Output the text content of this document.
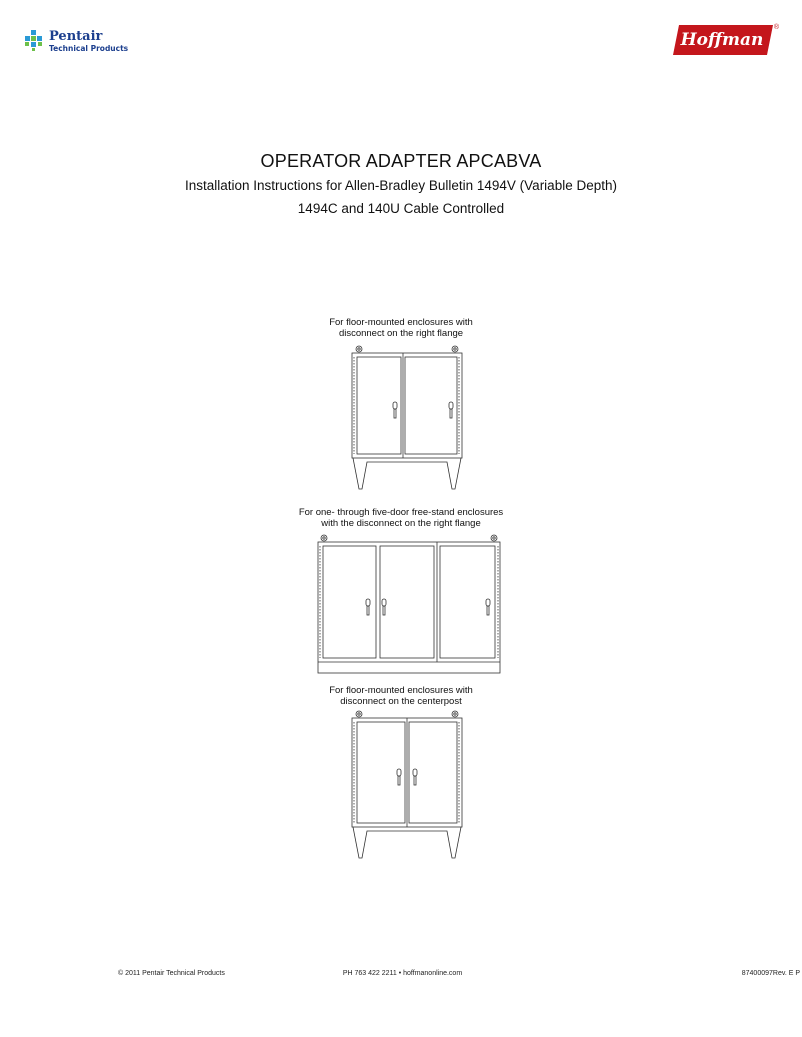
Pentair
Technical Products	Hoffman
®
OPERATOR ADAPTER APCABVA
Installation Instructions for Allen-Bradley Bulletin 1494V (Variable Depth)
1494C and 140U Cable Controlled
For floor-mounted enclosures with
disconnect on the right flange
For one- through five-door free-stand enclosures
with the disconnect on the right flange
For floor-mounted enclosures with
disconnect on the centerpost
© 2011 Pentair Technical Products	PH 763 422 2211 • hoffmanonline.com	87400097Rev. E P
